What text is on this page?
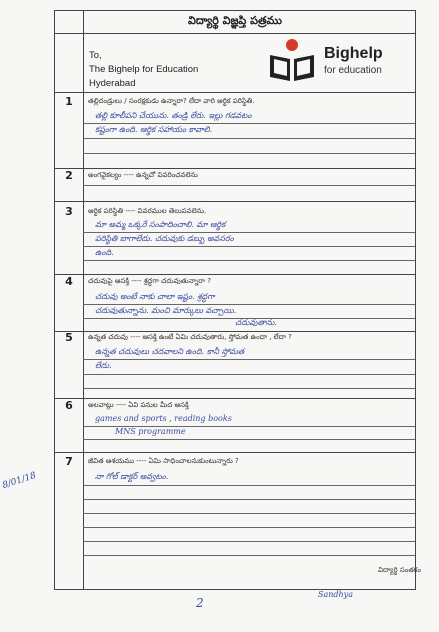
విద్యార్థి విజ్ఞప్తి పత్రము
To,
The Bighelp for Education
Hyderabad
Bighelp
for education
1	తల్లిదండ్రులు / సంరక్షకుడు ఉన్నారా? లేదా వారి ఆర్థిక పరిస్థితి.
తల్లి కూలీపని చేయును. తండ్రి లేరు. ఇల్లు గడవటం
కష్టంగా ఉంది. ఆర్థిక సహాయం కావాలి.
2	అంగవైకల్యం ---- ఉన్నచో వివరించవలెను
3	ఆర్థిక పరిస్థితి ---- వివరముల తెలుపవలెను.
మా అమ్మ ఒక్కరే సంపాదించాలి. మా ఆర్థిక
పరిస్థితి బాగాలేదు. చదువుకు డబ్బు అవసరం
ఉంది.
4	చదువుపై ఆసక్తి ---- శ్రద్ధగా చదువుతున్నారా ?
చదువు అంటే నాకు చాలా ఇష్టం. శ్రద్ధగా
చదువుతున్నాను. మంచి మార్కులు వచ్చాయి.
చదువుతాను.
5	ఉన్నత చదువు ---- ఆసక్తి ఉంటే ఏమి చదువుతారు, స్తోమత ఉందా , లేదా ?
ఉన్నత చదువులు చదవాలని ఉంది. కానీ స్తోమత
లేదు.
6	అలవాట్లు ---- ఏవి పనుల మీద ఆసక్తి
games and sports , reading books
MNS programme
7	జీవిత ఆశయము ---- ఏమి సాధించాలనుకుంటున్నారు ?
నా గోల్ డాక్టర్ అవ్వటం.
విద్యార్థి సంతకం
8/01/18
2
Sandhya
